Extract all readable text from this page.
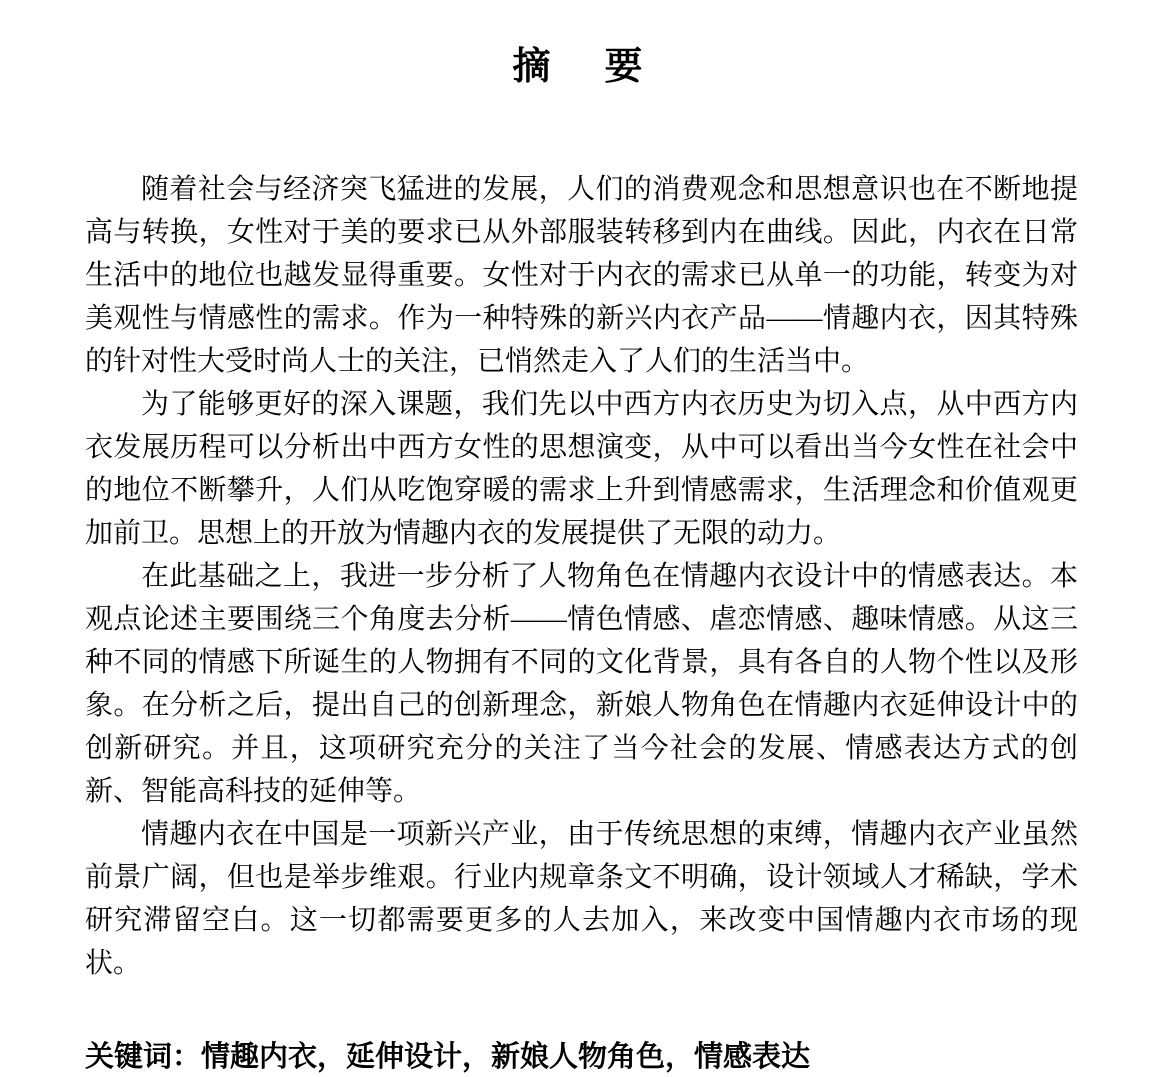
摘　要

随着社会与经济突飞猛进的发展，人们的消费观念和思想意识也在不断地提高与转换，女性对于美的要求已从外部服装转移到内在曲线。因此，内衣在日常生活中的地位也越发显得重要。女性对于内衣的需求已从单一的功能，转变为对美观性与情感性的需求。作为一种特殊的新兴内衣产品——情趣内衣，因其特殊的针对性大受时尚人士的关注，已悄然走入了人们的生活当中。

为了能够更好的深入课题，我们先以中西方内衣历史为切入点，从中西方内衣发展历程可以分析出中西方女性的思想演变，从中可以看出当今女性在社会中的地位不断攀升，人们从吃饱穿暖的需求上升到情感需求，生活理念和价值观更加前卫。思想上的开放为情趣内衣的发展提供了无限的动力。

在此基础之上，我进一步分析了人物角色在情趣内衣设计中的情感表达。本观点论述主要围绕三个角度去分析——情色情感、虐恋情感、趣味情感。从这三种不同的情感下所诞生的人物拥有不同的文化背景，具有各自的人物个性以及形象。在分析之后，提出自己的创新理念，新娘人物角色在情趣内衣延伸设计中的创新研究。并且，这项研究充分的关注了当今社会的发展、情感表达方式的创新、智能高科技的延伸等。

情趣内衣在中国是一项新兴产业，由于传统思想的束缚，情趣内衣产业虽然前景广阔，但也是举步维艰。行业内规章条文不明确，设计领域人才稀缺，学术研究滞留空白。这一切都需要更多的人去加入，来改变中国情趣内衣市场的现状。

关键词：情趣内衣，延伸设计，新娘人物角色，情感表达
